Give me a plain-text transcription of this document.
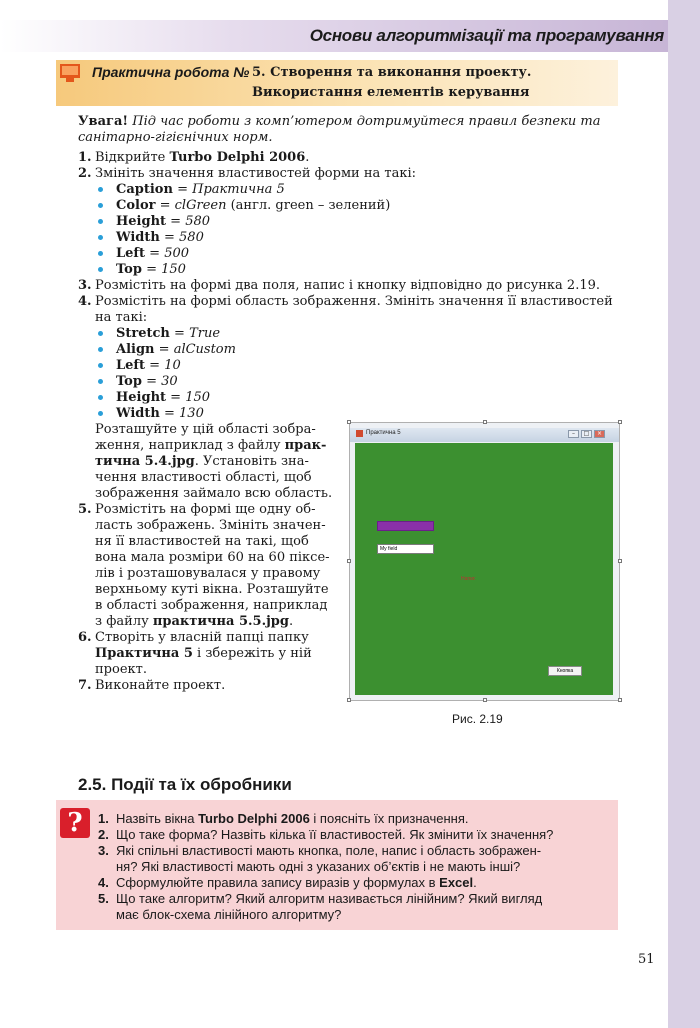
Основи алгоритмізації та програмування
Практична робота № 5. Створення та виконання проекту.
Використання елементів керування
Увага! Під час роботи з комп’ютером дотримуйтеся правил безпеки та
санітарно-гігієнічних норм.
1. Відкрийте Turbo Delphi 2006.
2. Змініть значення властивостей форми на такі:
Caption = Практична 5
Color = clGreen (англ. green – зелений)
Height = 580
Width = 580
Left = 500
Top = 150
3. Розмістіть на формі два поля, напис і кнопку відповідно до рисунка 2.19.
4. Розмістіть на формі область зображення. Змініть значення її властивостей
на такі:
Stretch = True
Align = alCustom
Left = 10
Top = 30
Height = 150
Width = 130
Розташуйте у цій області зобра-
ження, наприклад з файлу прак-
тична 5.4.jpg. Установіть зна-
чення властивості області, щоб
зображення займало всю область.
5. Розмістіть на формі ще одну об-
ласть зображень. Змініть значен-
ня її властивостей на такі, щоб
вона мала розміри 60 на 60 піксе-
лів і розташовувалася у правому
верхньому куті вікна. Розташуйте
в області зображення, наприклад
з файлу практична 5.5.jpg.
6. Створіть у власній папці папку
Практична 5 і збережіть у ній
проект.
7. Виконайте проект.
Практична 5	–	□	×
My field
Напис
Кнопка
Рис. 2.19
2.5. Події та їх обробники
?	1. Назвіть вікна Turbo Delphi 2006 і поясніть їх призначення.
2. Що таке форма? Назвіть кілька її властивостей. Як змінити їх значення?
3. Які спільні властивості мають кнопка, поле, напис і область зображен-
ня? Які властивості мають одні з указаних об’єктів і не мають інші?
4. Сформулюйте правила запису виразів у формулах в Excel.
5. Що таке алгоритм? Який алгоритм називається лінійним? Який вигляд
має блок-схема лінійного алгоритму?
51
